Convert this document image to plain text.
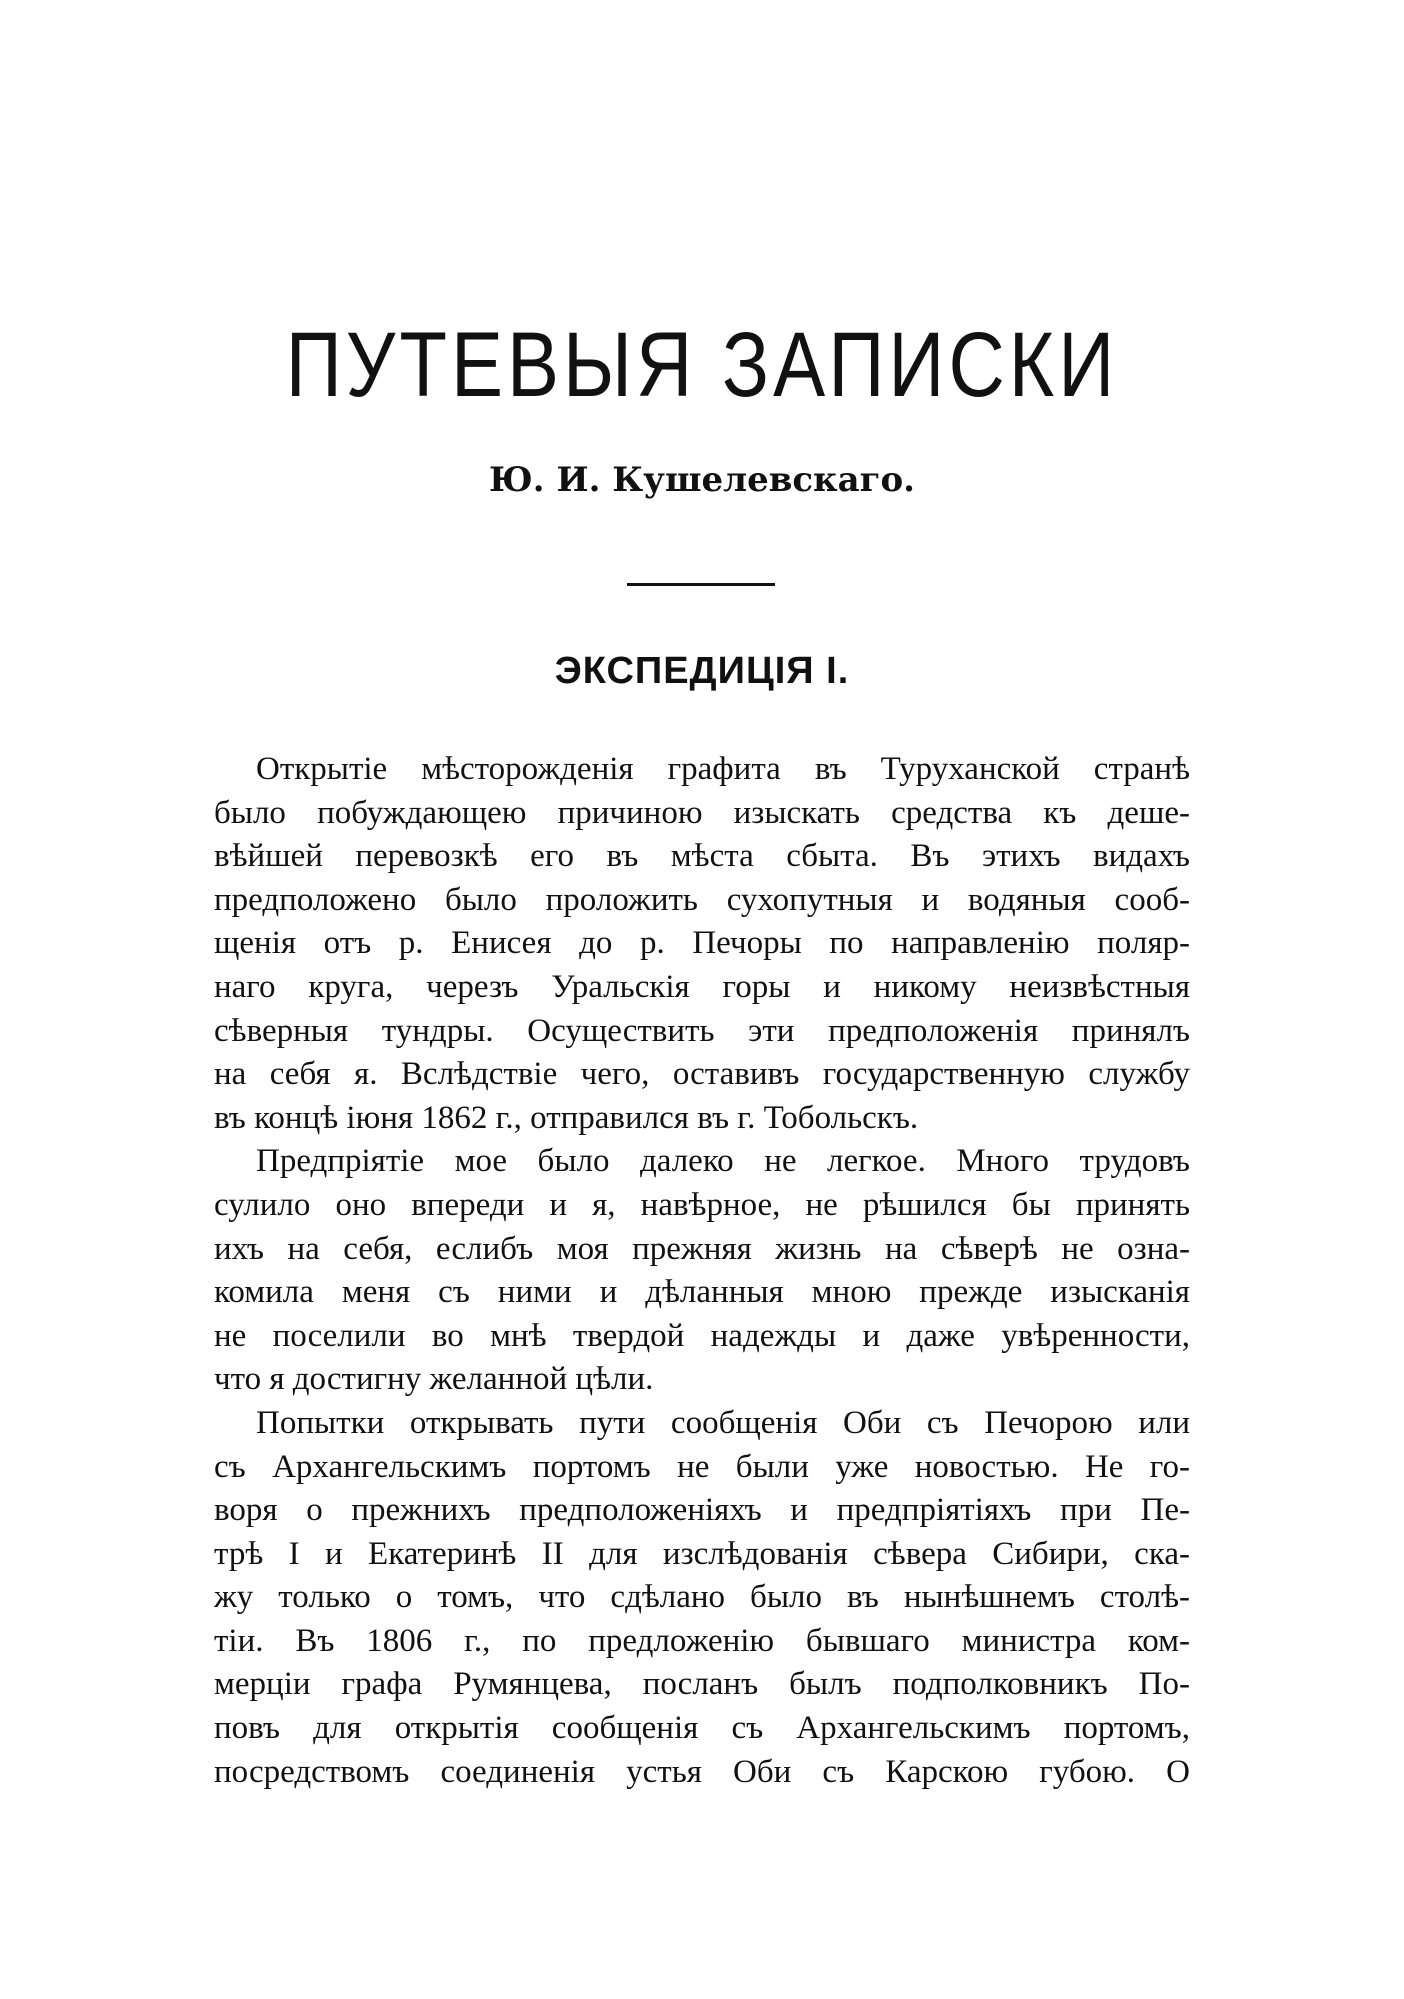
ПУТЕВЫЯ ЗАПИСКИ

Ю. И. Кушелевскаго.

ЭКСПЕДИЦІЯ I.
Открытіе мѣсторожденія графита въ Туруханской странѣ
было побуждающею причиною изыскать средства къ деше-
вѣйшей перевозкѣ его въ мѣста сбыта. Въ этихъ видахъ
предположено было проложить сухопутныя и водяныя сооб-
щенія отъ р. Енисея до р. Печоры по направленію поляр-
наго круга, черезъ Уральскія горы и никому неизвѣстныя
сѣверныя тундры. Осуществить эти предположенія принялъ
на себя я. Вслѣдствіе чего, оставивъ государственную службу
въ концѣ іюня 1862 г., отправился въ г. Тобольскъ.
Предпріятіе мое было далеко не легкое. Много трудовъ
сулило оно впереди и я, навѣрное, не рѣшился бы принять
ихъ на себя, еслибъ моя прежняя жизнь на сѣверѣ не озна-
комила меня съ ними и дѣланныя мною прежде изысканія
не поселили во мнѣ твердой надежды и даже увѣренности,
что я достигну желанной цѣли.
Попытки открывать пути сообщенія Оби съ Печорою или
съ Архангельскимъ портомъ не были уже новостью. Не го-
воря о прежнихъ предположеніяхъ и предпріятіяхъ при Пе-
трѣ I и Екатеринѣ II для изслѣдованія сѣвера Сибири, ска-
жу только о томъ, что сдѣлано было въ нынѣшнемъ столѣ-
тіи. Въ 1806 г., по предложенію бывшаго министра ком-
мерціи графа Румянцева, посланъ былъ подполковникъ По-
повъ для открытія сообщенія съ Архангельскимъ портомъ,
посредствомъ соединенія устья Оби съ Карскою губою. О
